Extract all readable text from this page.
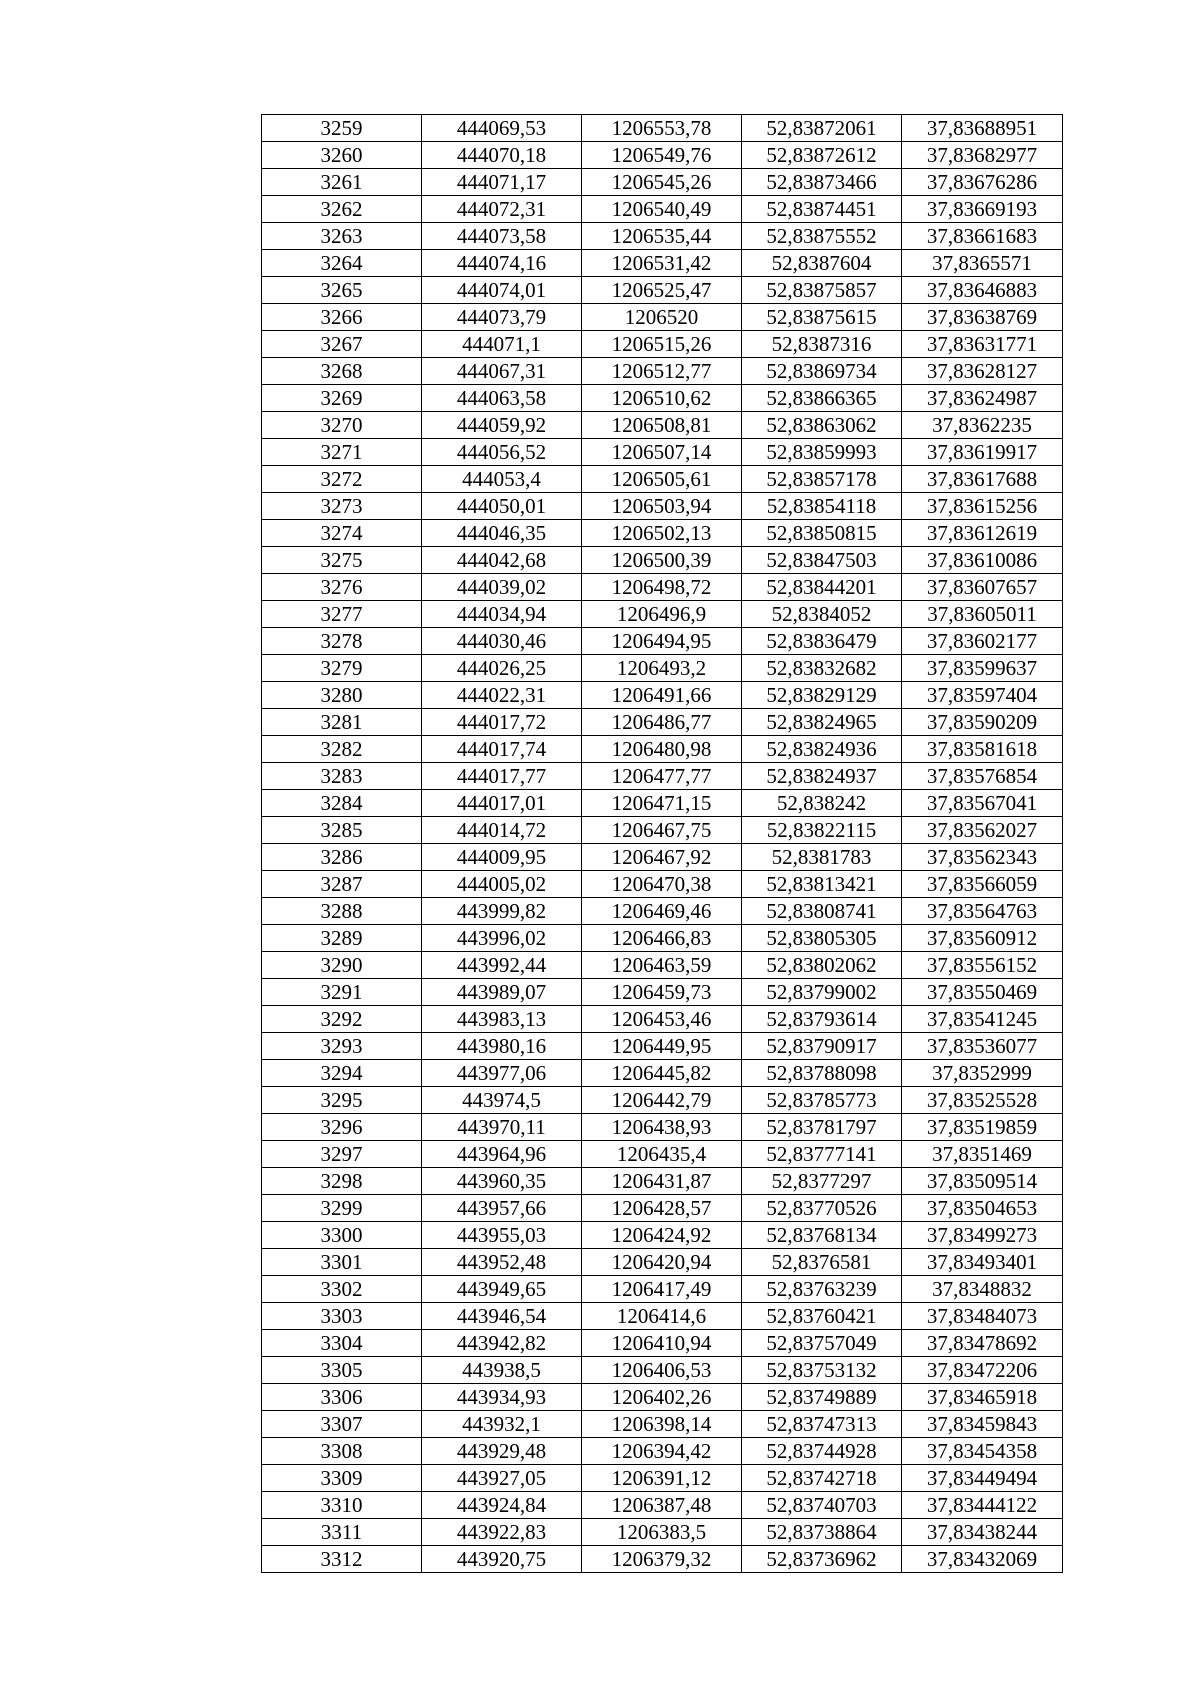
3259	444069,53	1206553,78	52,83872061	37,83688951
3260	444070,18	1206549,76	52,83872612	37,83682977
3261	444071,17	1206545,26	52,83873466	37,83676286
3262	444072,31	1206540,49	52,83874451	37,83669193
3263	444073,58	1206535,44	52,83875552	37,83661683
3264	444074,16	1206531,42	52,8387604	37,8365571
3265	444074,01	1206525,47	52,83875857	37,83646883
3266	444073,79	1206520	52,83875615	37,83638769
3267	444071,1	1206515,26	52,8387316	37,83631771
3268	444067,31	1206512,77	52,83869734	37,83628127
3269	444063,58	1206510,62	52,83866365	37,83624987
3270	444059,92	1206508,81	52,83863062	37,8362235
3271	444056,52	1206507,14	52,83859993	37,83619917
3272	444053,4	1206505,61	52,83857178	37,83617688
3273	444050,01	1206503,94	52,83854118	37,83615256
3274	444046,35	1206502,13	52,83850815	37,83612619
3275	444042,68	1206500,39	52,83847503	37,83610086
3276	444039,02	1206498,72	52,83844201	37,83607657
3277	444034,94	1206496,9	52,8384052	37,83605011
3278	444030,46	1206494,95	52,83836479	37,83602177
3279	444026,25	1206493,2	52,83832682	37,83599637
3280	444022,31	1206491,66	52,83829129	37,83597404
3281	444017,72	1206486,77	52,83824965	37,83590209
3282	444017,74	1206480,98	52,83824936	37,83581618
3283	444017,77	1206477,77	52,83824937	37,83576854
3284	444017,01	1206471,15	52,838242	37,83567041
3285	444014,72	1206467,75	52,83822115	37,83562027
3286	444009,95	1206467,92	52,8381783	37,83562343
3287	444005,02	1206470,38	52,83813421	37,83566059
3288	443999,82	1206469,46	52,83808741	37,83564763
3289	443996,02	1206466,83	52,83805305	37,83560912
3290	443992,44	1206463,59	52,83802062	37,83556152
3291	443989,07	1206459,73	52,83799002	37,83550469
3292	443983,13	1206453,46	52,83793614	37,83541245
3293	443980,16	1206449,95	52,83790917	37,83536077
3294	443977,06	1206445,82	52,83788098	37,8352999
3295	443974,5	1206442,79	52,83785773	37,83525528
3296	443970,11	1206438,93	52,83781797	37,83519859
3297	443964,96	1206435,4	52,83777141	37,8351469
3298	443960,35	1206431,87	52,8377297	37,83509514
3299	443957,66	1206428,57	52,83770526	37,83504653
3300	443955,03	1206424,92	52,83768134	37,83499273
3301	443952,48	1206420,94	52,8376581	37,83493401
3302	443949,65	1206417,49	52,83763239	37,8348832
3303	443946,54	1206414,6	52,83760421	37,83484073
3304	443942,82	1206410,94	52,83757049	37,83478692
3305	443938,5	1206406,53	52,83753132	37,83472206
3306	443934,93	1206402,26	52,83749889	37,83465918
3307	443932,1	1206398,14	52,83747313	37,83459843
3308	443929,48	1206394,42	52,83744928	37,83454358
3309	443927,05	1206391,12	52,83742718	37,83449494
3310	443924,84	1206387,48	52,83740703	37,83444122
3311	443922,83	1206383,5	52,83738864	37,83438244
3312	443920,75	1206379,32	52,83736962	37,83432069
